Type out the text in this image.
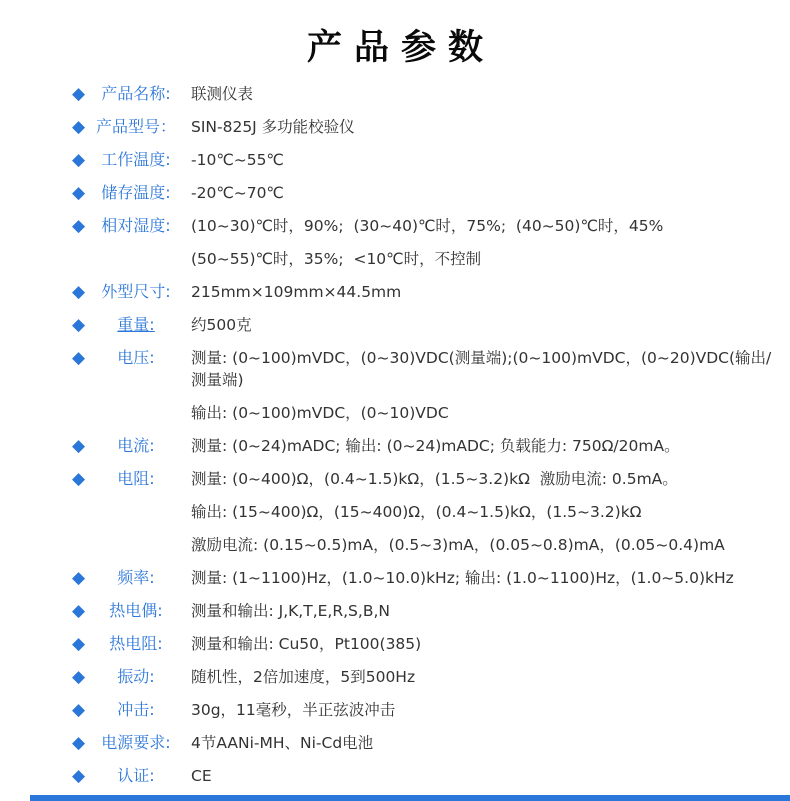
产品参数
◆	产品名称:	联测仪表
◆ 产品型号： SIN-825J 多功能校验仪
◆	工作温度:	-10℃~55℃
◆	储存温度:	-20℃~70℃
◆	相对湿度:	(10~30)℃时，90%;  (30~40)℃时，75%;  (40~50)℃时，45%
(50~55)℃时，35%;  <10℃时，不控制
◆	外型尺寸:	215mm×109mm×44.5mm
◆	重量:	约500克
◆	电压:	测量: (0~100)mVDC，(0~30)VDC(测量端);(0~100)mVDC，(0~20)VDC(输出/测量端)
输出: (0~100)mVDC，(0~10)VDC
◆	电流:	测量: (0~24)mADC; 输出: (0~24)mADC; 负载能力: 750Ω/20mA。
◆	电阻:	测量: (0~400)Ω，(0.4~1.5)kΩ，(1.5~3.2)kΩ  激励电流: 0.5mA。
输出: (15~400)Ω，(15~400)Ω，(0.4~1.5)kΩ，(1.5~3.2)kΩ
激励电流: (0.15~0.5)mA，(0.5~3)mA，(0.05~0.8)mA，(0.05~0.4)mA
◆	频率:	测量: (1~1100)Hz，(1.0~10.0)kHz; 输出: (1.0~1100)Hz，(1.0~5.0)kHz
◆	热电偶:	测量和输出: J,K,T,E,R,S,B,N
◆	热电阻:	测量和输出: Cu50，Pt100(385)
◆	振动:	随机性，2倍加速度，5到500Hz
◆	冲击:	30g，11毫秒，半正弦波冲击
◆	电源要求:	4节AANi-MH、Ni-Cd电池
◆	认证:	CE
